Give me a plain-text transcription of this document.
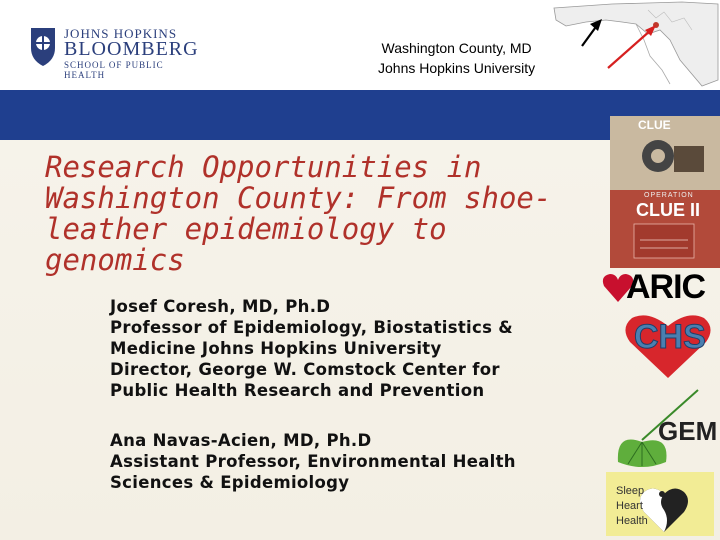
JOHNS HOPKINS
BLOOMBERG
SCHOOL OF PUBLIC HEALTH
Washington County, MD
Johns Hopkins University
Research Opportunities in
Washington County: From shoe-
leather epidemiology to
genomics
Josef Coresh, MD, Ph.D
Professor of Epidemiology, Biostatistics &
Medicine Johns Hopkins University
Director, George W. Comstock Center for
Public Health Research and Prevention
Ana Navas-Acien, MD, Ph.D
Assistant Professor, Environmental Health
Sciences & Epidemiology
CLUE
OPERATION
CLUE II
ARIC
CHS
GEM
Sleep
Heart
Health
